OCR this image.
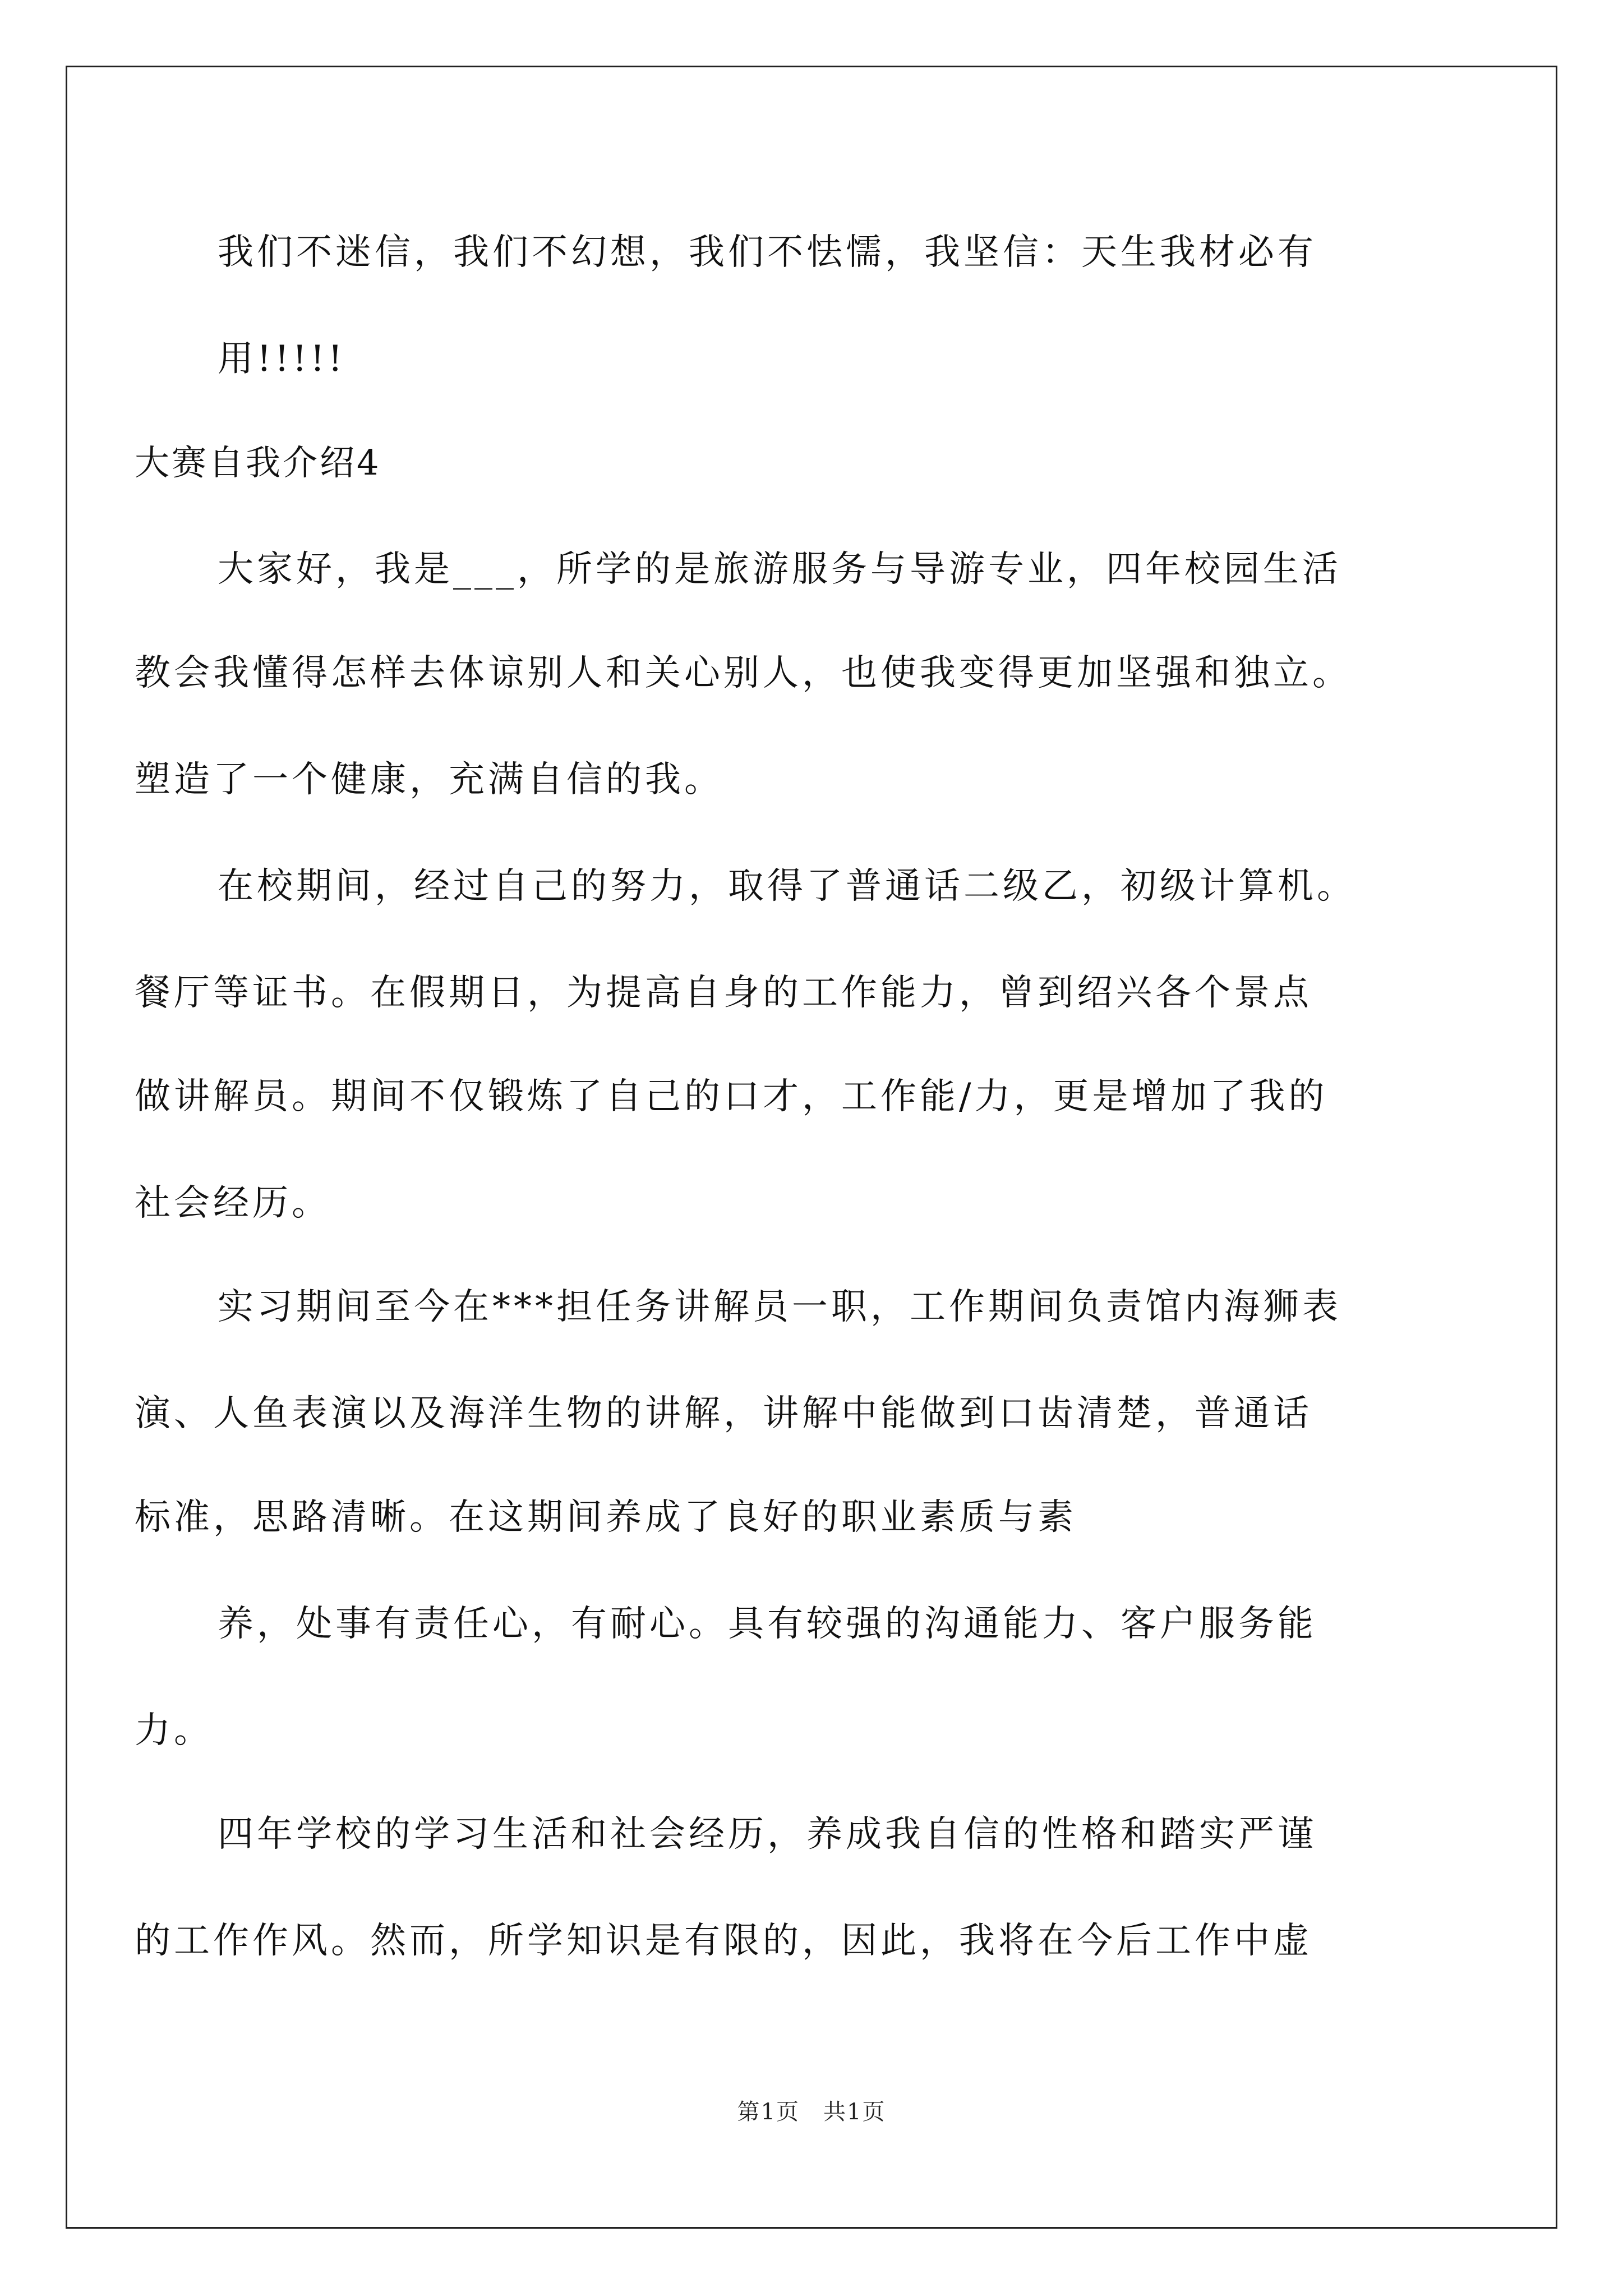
我们不迷信，我们不幻想，我们不怯懦，我坚信：天生我材必有
用!!!!!
大赛自我介绍4
大家好，我是___，所学的是旅游服务与导游专业，四年校园生活
教会我懂得怎样去体谅别人和关心别人，也使我变得更加坚强和独立。
塑造了一个健康，充满自信的我。
在校期间，经过自己的努力，取得了普通话二级乙，初级计算机。
餐厅等证书。在假期日，为提高自身的工作能力，曾到绍兴各个景点
做讲解员。期间不仅锻炼了自己的口才，工作能/力，更是增加了我的
社会经历。
实习期间至今在***担任务讲解员一职，工作期间负责馆内海狮表
演、人鱼表演以及海洋生物的讲解，讲解中能做到口齿清楚，普通话
标准，思路清晰。在这期间养成了良好的职业素质与素
养，处事有责任心，有耐心。具有较强的沟通能力、客户服务能
力。
四年学校的学习生活和社会经历，养成我自信的性格和踏实严谨
的工作作风。然而，所学知识是有限的，因此，我将在今后工作中虚
第1页　共1页
